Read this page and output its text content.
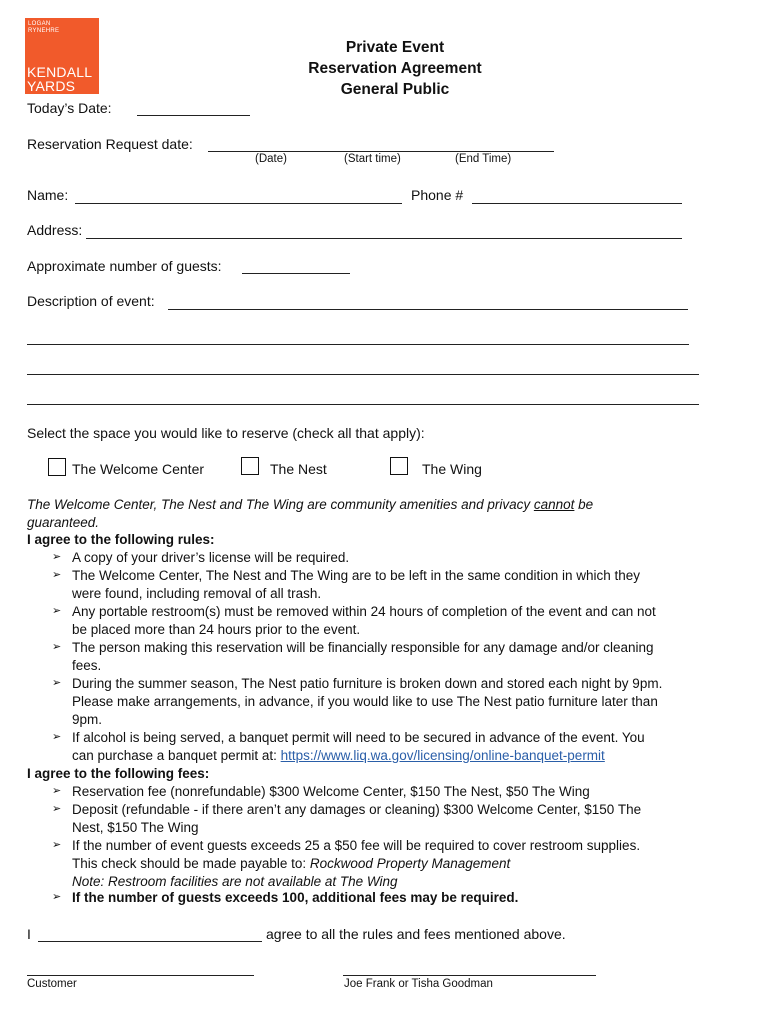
LOGAN
RYNEHRE
KENDALL
YARDS
Private Event
Reservation Agreement
General Public
Today’s Date:
Reservation Request date:
(Date)	(Start time)	(End Time)
Name:	Phone #
Address:
Approximate number of guests:
Description of event:
Select the space you would like to reserve (check all that apply):
The Welcome Center	The Nest	The Wing
The Welcome Center, The Nest and The Wing are community amenities and privacy cannot be
guaranteed.
I agree to the following rules:
➢ A copy of your driver’s license will be required.
➢ The Welcome Center, The Nest and The Wing are to be left in the same condition in which they
were found, including removal of all trash.
➢ Any portable restroom(s) must be removed within 24 hours of completion of the event and can not
be placed more than 24 hours prior to the event.
➢ The person making this reservation will be financially responsible for any damage and/or cleaning
fees.
➢ During the summer season, The Nest patio furniture is broken down and stored each night by 9pm.
Please make arrangements, in advance, if you would like to use The Nest patio furniture later than
9pm.
➢ If alcohol is being served, a banquet permit will need to be secured in advance of the event. You
can purchase a banquet permit at: https://www.liq.wa.gov/licensing/online-banquet-permit
I agree to the following fees:
➢ Reservation fee (nonrefundable) $300 Welcome Center, $150 The Nest, $50 The Wing
➢ Deposit (refundable - if there aren’t any damages or cleaning) $300 Welcome Center, $150 The
Nest, $150 The Wing
➢ If the number of event guests exceeds 25 a $50 fee will be required to cover restroom supplies.
This check should be made payable to: Rockwood Property Management
Note: Restroom facilities are not available at The Wing
➢ If the number of guests exceeds 100, additional fees may be required.
I	agree to all the rules and fees mentioned above.
Customer	Joe Frank or Tisha Goodman
